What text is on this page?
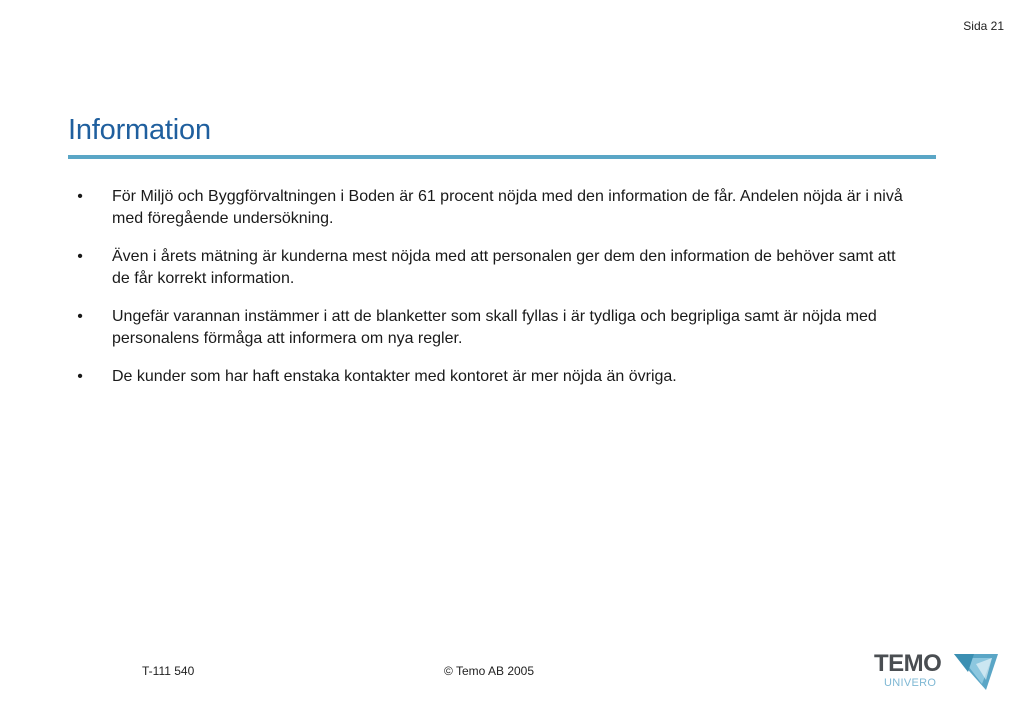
Sida 21
Information
•	För Miljö och Byggförvaltningen i Boden är 61 procent nöjda med den information de får. Andelen nöjda är i nivå med föregående undersökning.
•	Även i årets mätning är kunderna mest nöjda med att personalen ger dem den information de behöver samt att de får korrekt information.
•	Ungefär varannan instämmer i att de blanketter som skall fyllas i är tydliga och begripliga samt är nöjda med personalens förmåga att informera om nya regler.
•	De kunder som har haft enstaka kontakter med kontoret är mer nöjda än övriga.
T-111 540	© Temo AB 2005	TEMO
UNIVERO
